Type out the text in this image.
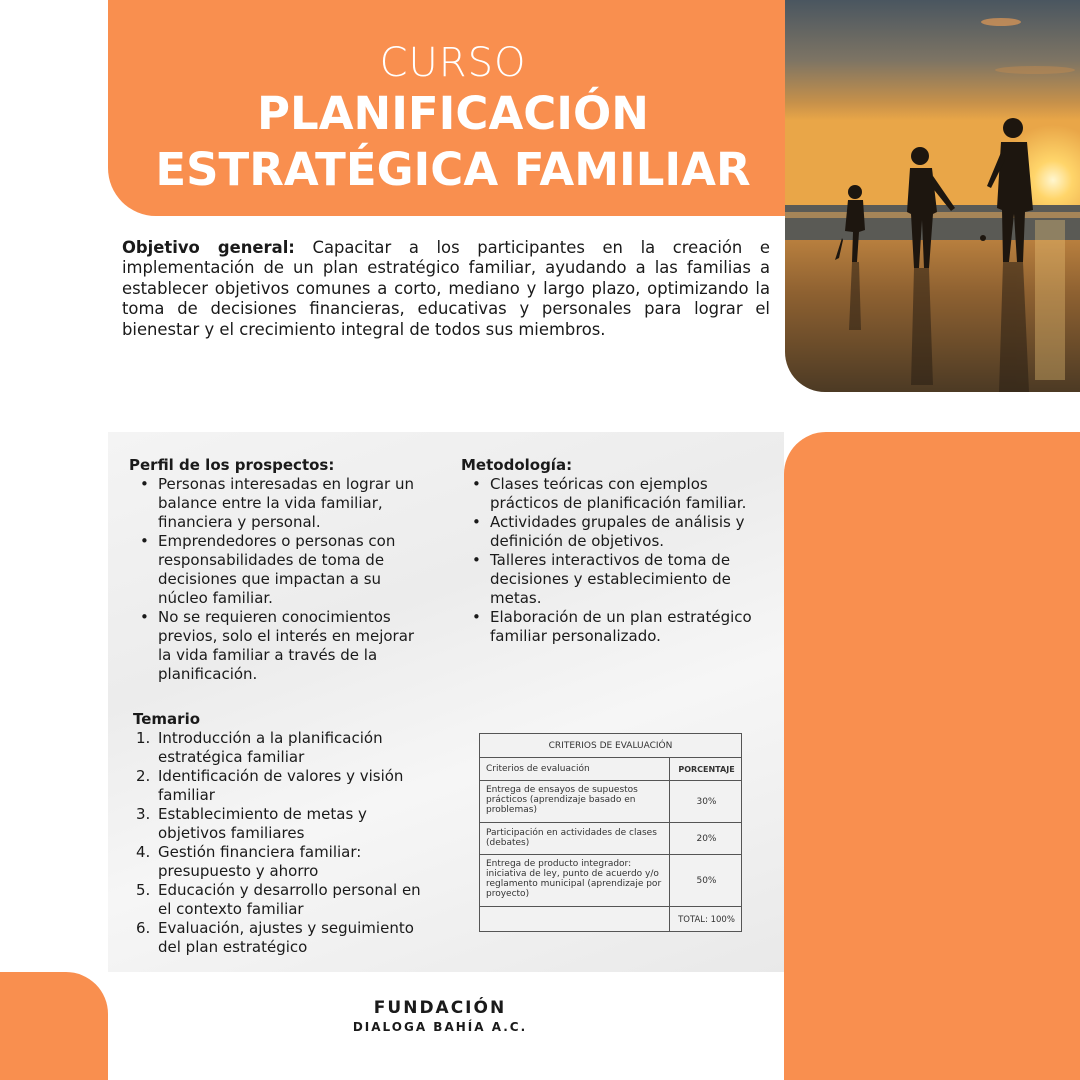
CURSO
PLANIFICACIÓN
ESTRATÉGICA FAMILIAR
Objetivo general: Capacitar a los participantes en la creación e implementación de un plan estratégico familiar, ayudando a las familias a establecer objetivos comunes a corto, mediano y largo plazo, optimizando la toma de decisiones financieras, educativas y personales para lograr el bienestar y el crecimiento integral de todos sus miembros.
Perfil de los prospectos:
• Personas interesadas en lograr un balance entre la vida familiar, financiera y personal.
• Emprendedores o personas con responsabilidades de toma de decisiones que impactan a su núcleo familiar.
• No se requieren conocimientos previos, solo el interés en mejorar la vida familiar a través de la planificación.
Metodología:
• Clases teóricas con ejemplos prácticos de planificación familiar.
• Actividades grupales de análisis y definición de objetivos.
• Talleres interactivos de toma de decisiones y establecimiento de metas.
• Elaboración de un plan estratégico familiar personalizado.
Temario
1. Introducción a la planificación estratégica familiar
2. Identificación de valores y visión familiar
3. Establecimiento de metas y objetivos familiares
4. Gestión financiera familiar: presupuesto y ahorro
5. Educación y desarrollo personal en el contexto familiar
6. Evaluación, ajustes y seguimiento del plan estratégico
CRITERIOS DE EVALUACIÓN
Criterios de evaluación	PORCENTAJE
Entrega de ensayos de supuestos prácticos (aprendizaje basado en problemas)
30%
Participación en actividades de clases (debates)	20%
Entrega de producto integrador: iniciativa de ley, punto de acuerdo y/o reglamento municipal (aprendizaje por proyecto)
50%
TOTAL: 100%
FUNDACIÓN
DIALOGA BAHÍA A.C.
